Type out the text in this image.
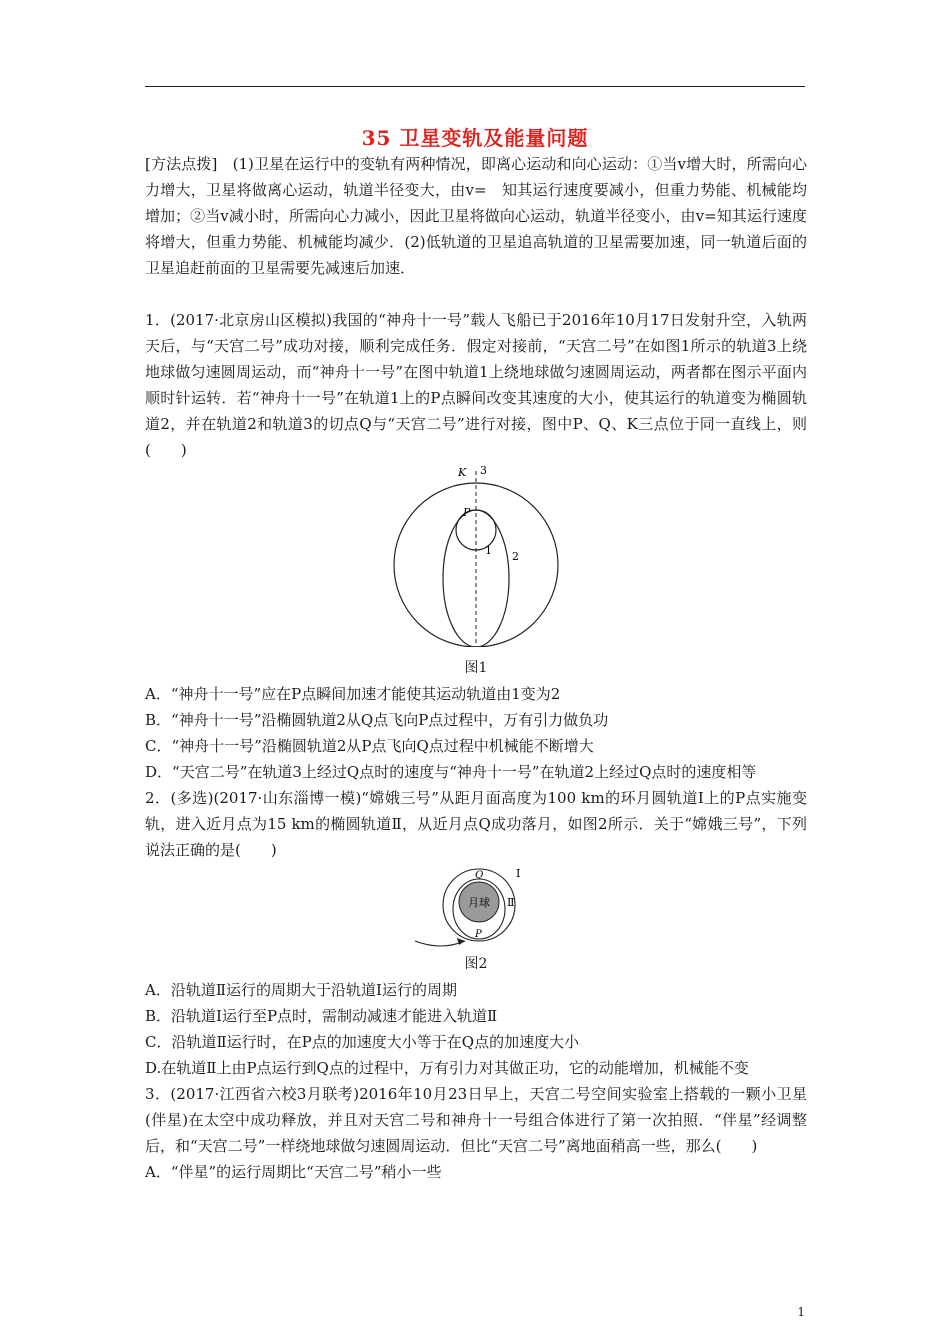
35 卫星变轨及能量问题

[方法点拨]　(1)卫星在运行中的变轨有两种情况，即离心运动和向心运动：①当v增大时，所需向心力增大，卫星将做离心运动，轨道半径变大，由v=　知其运行速度要减小，但重力势能、机械能均增加；②当v减小时，所需向心力减小，因此卫星将做向心运动，轨道半径变小，由v=知其运行速度将增大，但重力势能、机械能均减少．(2)低轨道的卫星追高轨道的卫星需要加速，同一轨道后面的卫星追赶前面的卫星需要先减速后加速．

1．(2017·北京房山区模拟)我国的“神舟十一号”载人飞船已于2016年10月17日发射升空，入轨两天后，与“天宫二号”成功对接，顺利完成任务．假定对接前，“天宫二号”在如图1所示的轨道3上绕地球做匀速圆周运动，而“神舟十一号”在图中轨道1上绕地球做匀速圆周运动，两者都在图示平面内顺时针运转．若“神舟十一号”在轨道1上的P点瞬间改变其速度的大小，使其运行的轨道变为椭圆轨道2，并在轨道2和轨道3的切点Q与“天宫二号”进行对接，图中P、Q、K三点位于同一直线上，则(　　)

K 3
P
1 2

图1

A．“神舟十一号”应在P点瞬间加速才能使其运动轨道由1变为2

B．“神舟十一号”沿椭圆轨道2从Q点飞向P点过程中，万有引力做负功

C．“神舟十一号”沿椭圆轨道2从P点飞向Q点过程中机械能不断增大

D．“天宫二号”在轨道3上经过Q点时的速度与“神舟十一号”在轨道2上经过Q点时的速度相等

2．(多选)(2017·山东淄博一模)“嫦娥三号”从距月面高度为100 km的环月圆轨道Ⅰ上的P点实施变轨，进入近月点为15 km的椭圆轨道Ⅱ，从近月点Q成功落月，如图2所示．关于“嫦娥三号”，下列说法正确的是(　　)

月球
Q	Ⅰ
Ⅱ
P

图2

A．沿轨道Ⅱ运行的周期大于沿轨道Ⅰ运行的周期

B．沿轨道Ⅰ运行至P点时，需制动减速才能进入轨道Ⅱ

C．沿轨道Ⅱ运行时，在P点的加速度大小等于在Q点的加速度大小

D.在轨道Ⅱ上由P点运行到Q点的过程中，万有引力对其做正功，它的动能增加，机械能不变

3．(2017·江西省六校3月联考)2016年10月23日早上，天宫二号空间实验室上搭载的一颗小卫星(伴星)在太空中成功释放，并且对天宫二号和神舟十一号组合体进行了第一次拍照．“伴星”经调整后，和“天宫二号”一样绕地球做匀速圆周运动．但比“天宫二号”离地面稍高一些，那么(　　)

A．“伴星”的运行周期比“天宫二号”稍小一些

1
